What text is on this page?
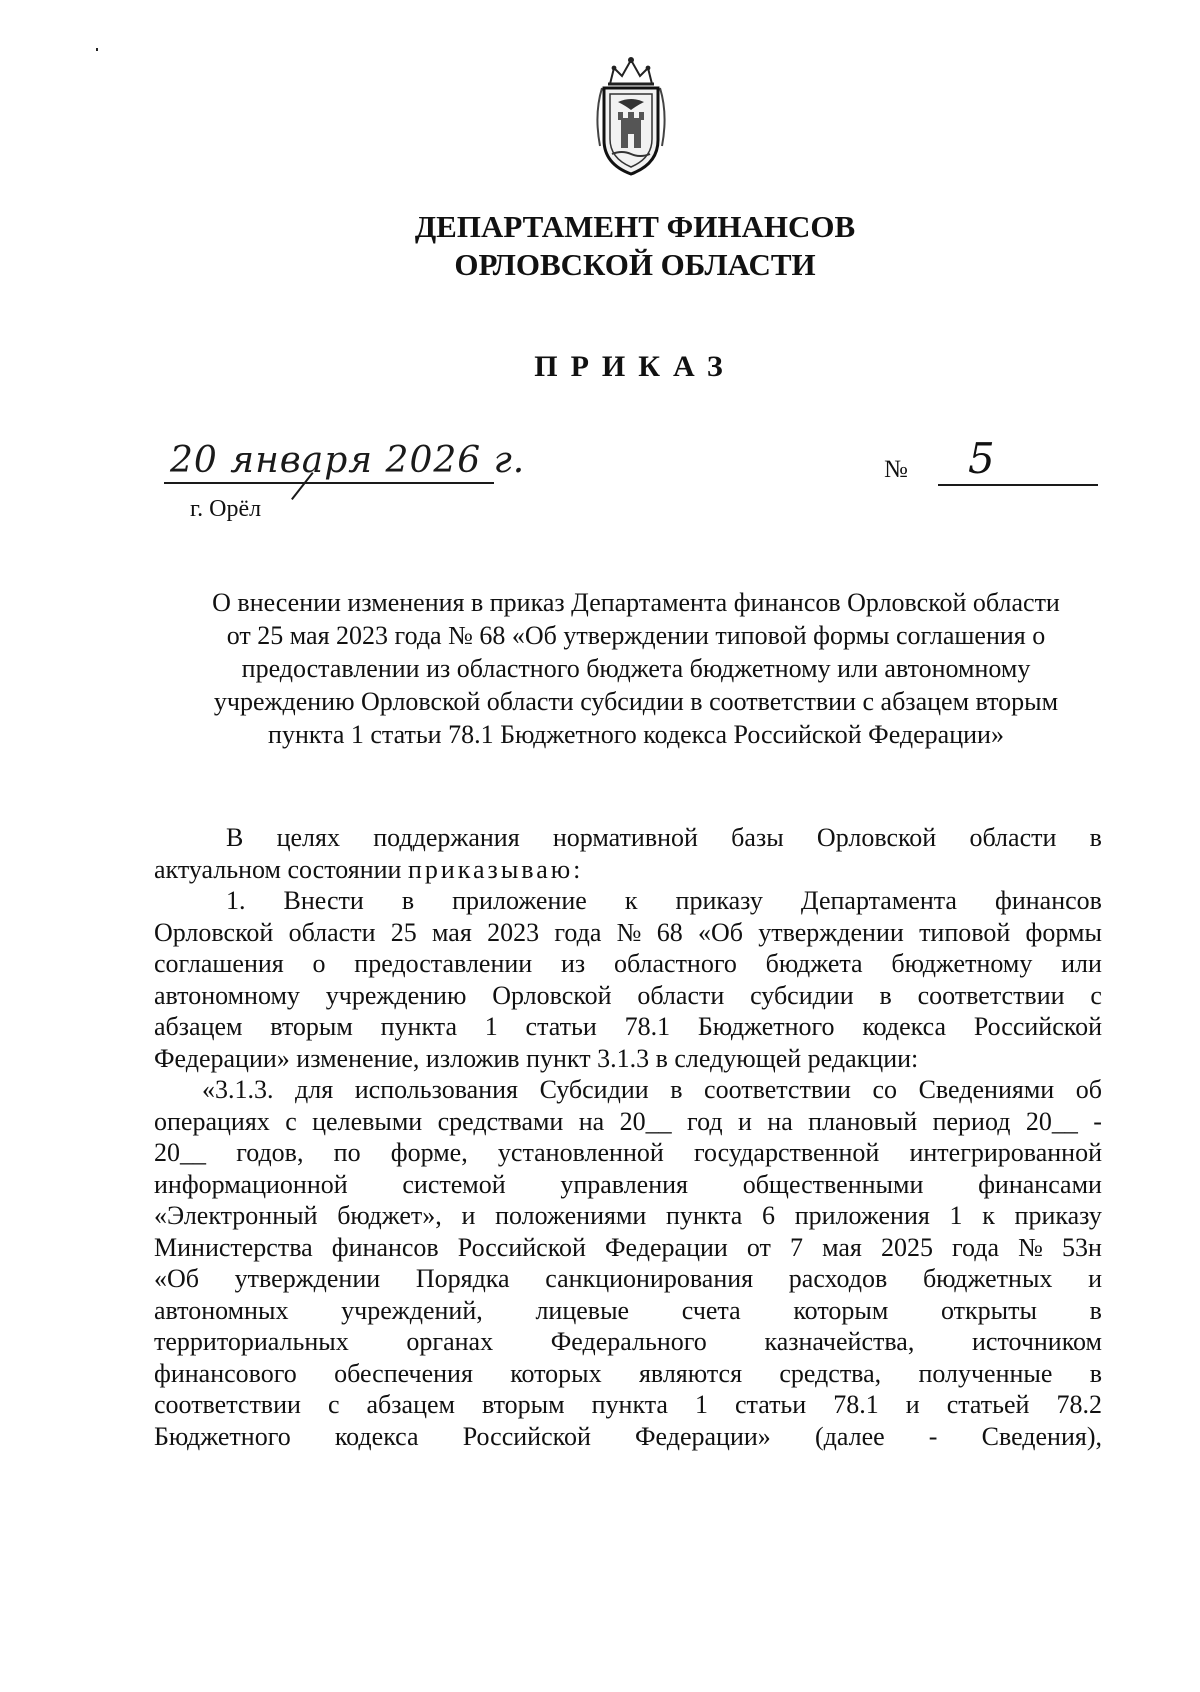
ДЕПАРТАМЕНТ ФИНАНСОВ
ОРЛОВСКОЙ ОБЛАСТИ
ПРИКАЗ
20 января 2026 г.
г. Орёл
№ 5
О внесении изменения в приказ Департамента финансов Орловской области
от 25 мая 2023 года № 68 «Об утверждении типовой формы соглашения о
предоставлении из областного бюджета бюджетному или автономному
учреждению Орловской области субсидии в соответствии с абзацем вторым
пункта 1 статьи 78.1 Бюджетного кодекса Российской Федерации»
В целях поддержания нормативной базы Орловской области в
актуальном состоянии
приказываю:
1. Внести в приложение к приказу Департамента финансов
Орловской области 25 мая 2023 года № 68 «Об утверждении типовой формы
соглашения о предоставлении из областного бюджета бюджетному или
автономному учреждению Орловской области субсидии в соответствии с
абзацем вторым пункта 1 статьи 78.1 Бюджетного кодекса Российской
Федерации» изменение, изложив пункт 3.1.3 в следующей редакции:
«3.1.3. для использования Субсидии в соответствии со Сведениями об
операциях с целевыми средствами на 20__ год и на плановый период 20__ -
20__ годов, по форме, установленной государственной интегрированной
информационной системой управления общественными финансами
«Электронный бюджет», и положениями пункта 6 приложения 1 к приказу
Министерства финансов Российской Федерации от 7 мая 2025 года № 53н
«Об утверждении Порядка санкционирования расходов бюджетных и
автономных учреждений, лицевые счета которым открыты в
территориальных органах Федерального казначейства, источником
финансового обеспечения которых являются средства, полученные в
соответствии с абзацем вторым пункта 1 статьи 78.1 и статьей 78.2
Бюджетного кодекса Российской Федерации» (далее - Сведения),
